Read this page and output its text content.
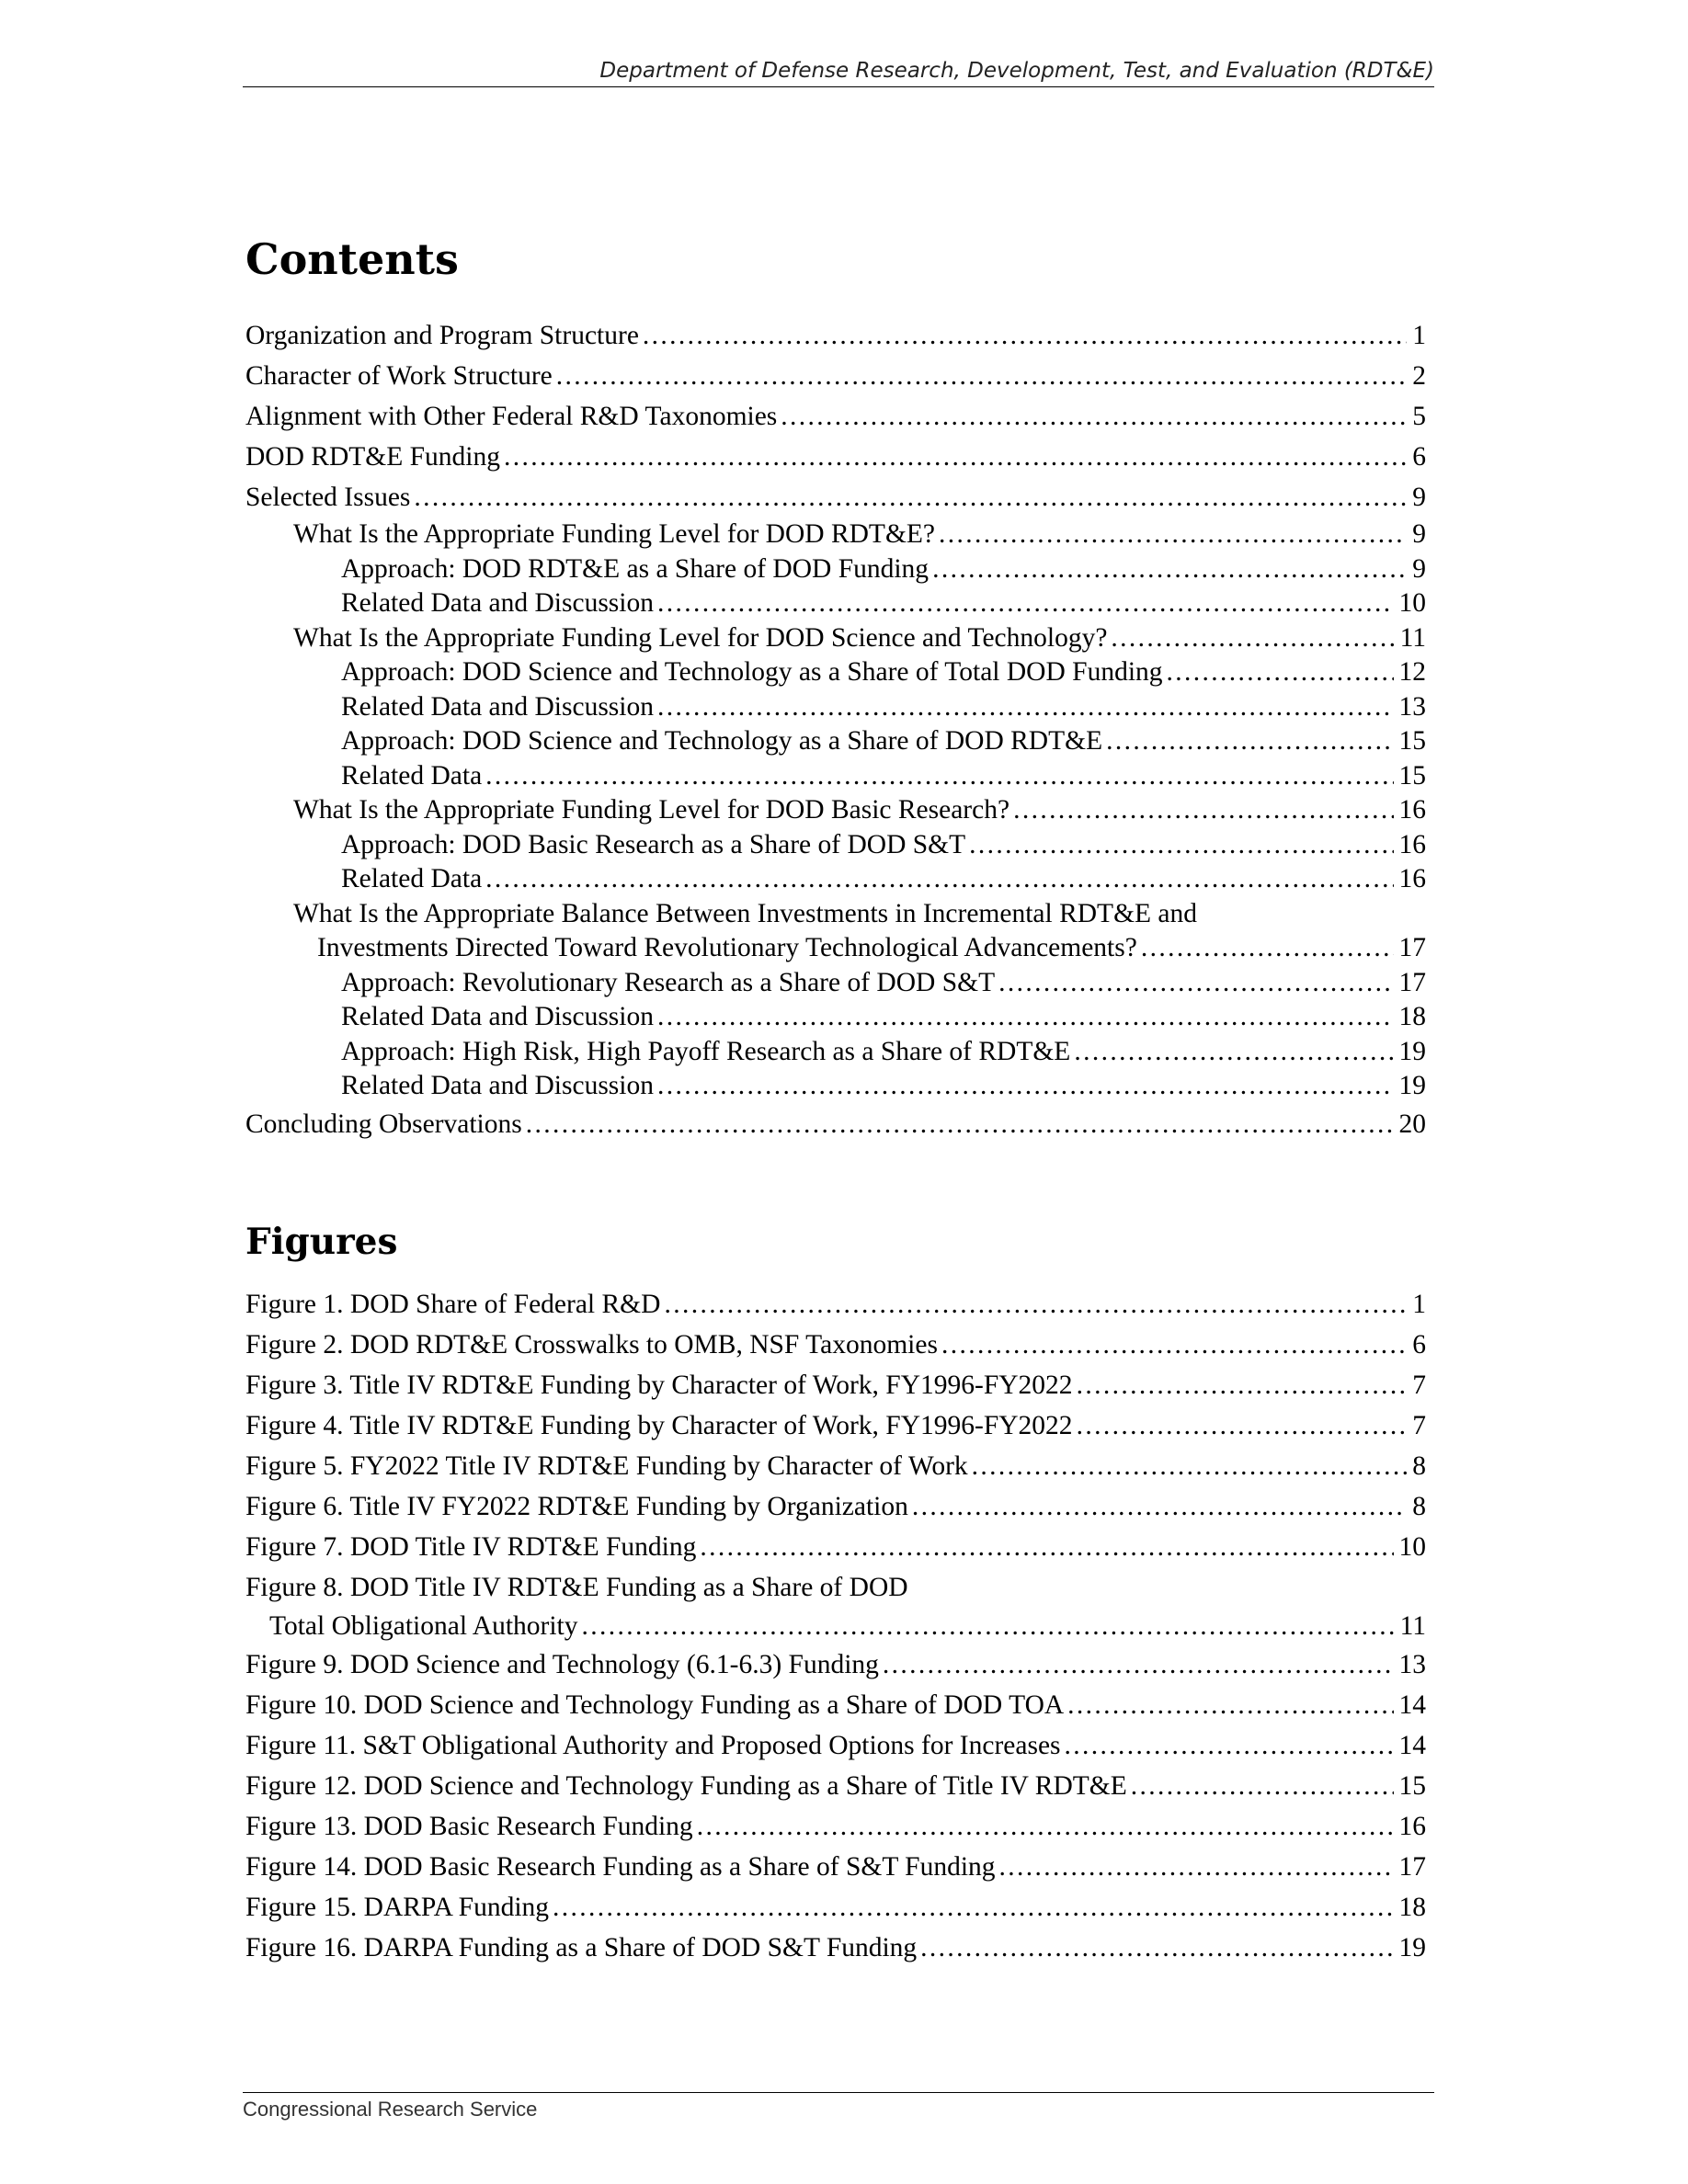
Department of Defense Research, Development, Test, and Evaluation (RDT&E)
Contents
Organization and Program Structure . . .	1
Character of Work Structure . . .	2
Alignment with Other Federal R&D Taxonomies . . .	5
DOD RDT&E Funding . . .	6
Selected Issues . . .	9
What Is the Appropriate Funding Level for DOD RDT&E? . . .	9
Approach: DOD RDT&E as a Share of DOD Funding . . .	9
Related Data and Discussion . . .	10
What Is the Appropriate Funding Level for DOD Science and Technology? . . .	11
Approach: DOD Science and Technology as a Share of Total DOD Funding . . .	12
Related Data and Discussion . . .	13
Approach: DOD Science and Technology as a Share of DOD RDT&E . . .	15
Related Data . . .	15
What Is the Appropriate Funding Level for DOD Basic Research? . . .	16
Approach: DOD Basic Research as a Share of DOD S&T . . .	16
Related Data . . .	16
What Is the Appropriate Balance Between Investments in Incremental RDT&E and
Investments Directed Toward Revolutionary Technological Advancements? . . .	17
Approach: Revolutionary Research as a Share of DOD S&T . . .	17
Related Data and Discussion . . .	18
Approach: High Risk, High Payoff Research as a Share of RDT&E . . .	19
Related Data and Discussion . . .	19
Concluding Observations . . .	20
Figures
Figure 1. DOD Share of Federal R&D . . .	1
Figure 2. DOD RDT&E Crosswalks to OMB, NSF Taxonomies . . .	6
Figure 3. Title IV RDT&E Funding by Character of Work, FY1996-FY2022 . . .	7
Figure 4. Title IV RDT&E Funding by Character of Work, FY1996-FY2022 . . .	7
Figure 5. FY2022 Title IV RDT&E Funding by Character of Work . . .	8
Figure 6. Title IV FY2022 RDT&E Funding by Organization . . .	8
Figure 7. DOD Title IV RDT&E Funding . . .	10
Figure 8. DOD Title IV RDT&E Funding as a Share of DOD
Total Obligational Authority . . .	11
Figure 9. DOD Science and Technology (6.1-6.3) Funding . . .	13
Figure 10. DOD Science and Technology Funding as a Share of DOD TOA . . .	14
Figure 11. S&T Obligational Authority and Proposed Options for Increases . . .	14
Figure 12. DOD Science and Technology Funding as a Share of Title IV RDT&E . . .	15
Figure 13. DOD Basic Research Funding . . .	16
Figure 14. DOD Basic Research Funding as a Share of S&T Funding . . .	17
Figure 15. DARPA Funding . . .	18
Figure 16. DARPA Funding as a Share of DOD S&T Funding . . .	19
Congressional Research Service
